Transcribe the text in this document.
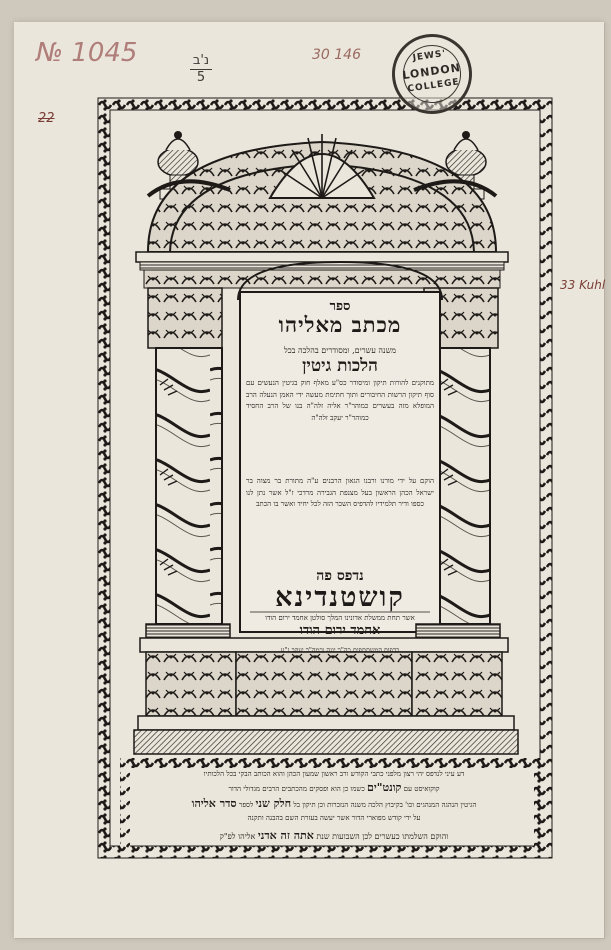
№ 1045	נ'ב
5
30 146
22
33 Kuhl
JEWS'
LONDON
COLLEGE
ספר
מכתב מאליהו
משנה עשרים, ומסודרים בהלכה בכל
הלכות גיטין
מתוקנים להורות תיקון ומיסודר כס"ע מאלף חוק בגיטין הנעשים עם סוף תיקון הרשות החיבורים ותוך חתימת מעשה ידי האמן הנעלה הרב המופלא מזה בעשרים כמוהר"ר אליה זלה"ה בנו של הרב החסיד כמוהר"ר יעקב זלה"ה
הוקם על ידי מורנו ורבנו הגאון הרבנים ע"ה מתורת בר מצוה בר ישראל הכהן הראשון בעל מצנפת הגבירה מרדכי ז"ל אשר נתן לנו כספו ודיר תלמידיו להדפיס השכר הזה לכל יחיד ואשר בו הכתב
נדפס פה
קושטנדינא
אשר תחת ממשלת אדונינו המלך סולטן אחמד ירום הודו
אחמד ירום הודו
בדפוס המשתתפים כה"ר יונה וכמה"ר יעקב נ"ע
דע עיני לנדפס יהי רצון מלפני כתבי הקודש ורב ראשון שמעון הכהן והוא הכותב הבקי בכל הלכותיו
קוקואיסט עם קונט"ים כשמו כן הוא ופסקים מהכתבים הרבים מגדולי הדור
הגיטין הנהגה המנהגים וכו' בקיבוץ הלכה משנה הנזכרות וכן תיקון בל חלק שני לספר סדר אליהו
על ידי קודש מפוארי הדור אשר יעשה בעזרת השם בהבנה ותקנה
והוקם השלמתו כעשרים לכן השבועות שנת אתה זה אדני אליהו לפ"ק
